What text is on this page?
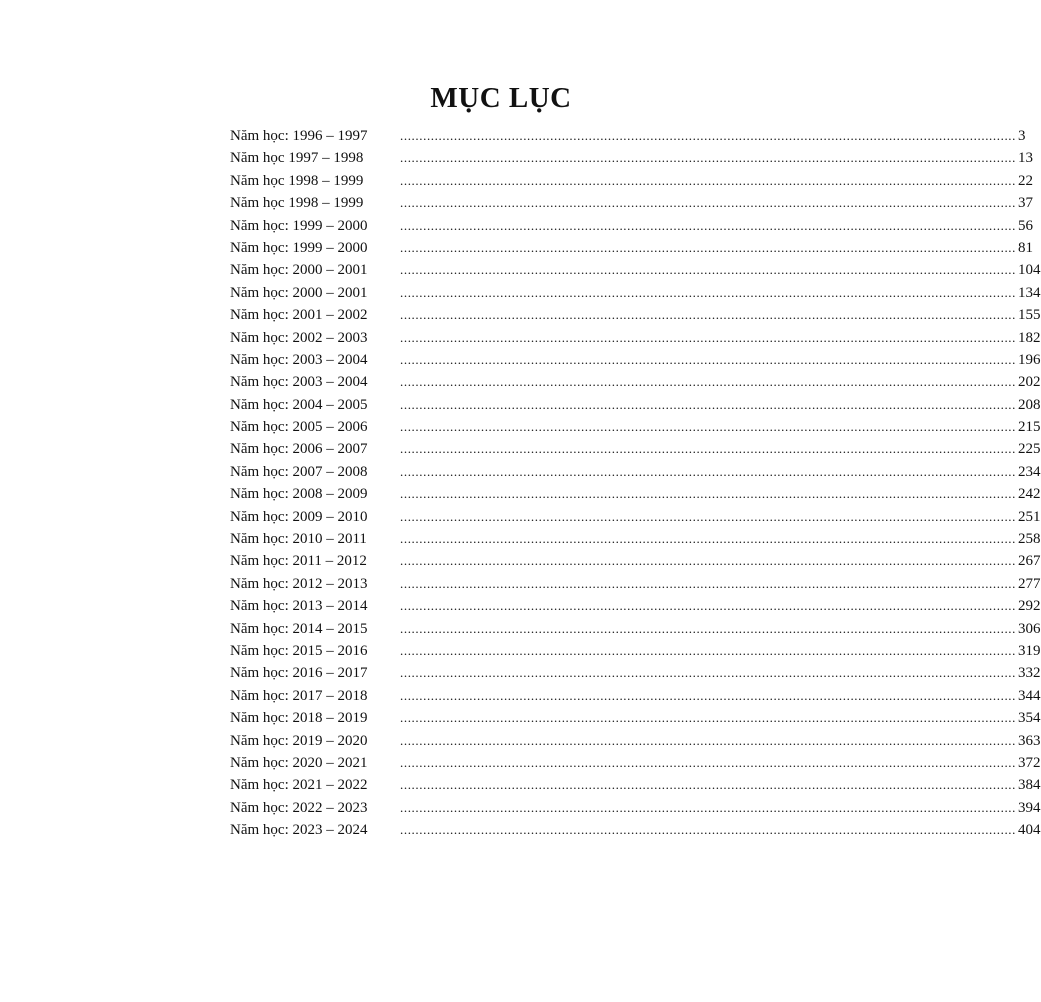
MỤC LỤC
Năm học: 1996 – 1997	................................................................................................................................................................ 3
Năm học 1997 – 1998	................................................................................................................................................................ 13
Năm học 1998 – 1999	................................................................................................................................................................ 22
Năm học 1998 – 1999	................................................................................................................................................................ 37
Năm học: 1999 – 2000	................................................................................................................................................................ 56
Năm học: 1999 – 2000	................................................................................................................................................................ 81
Năm học: 2000 – 2001	................................................................................................................................................................ 104
Năm học: 2000 – 2001	................................................................................................................................................................ 134
Năm học: 2001 – 2002	................................................................................................................................................................ 155
Năm học: 2002 – 2003	................................................................................................................................................................ 182
Năm học: 2003 – 2004	................................................................................................................................................................ 196
Năm học: 2003 – 2004	................................................................................................................................................................ 202
Năm học: 2004 – 2005	................................................................................................................................................................ 208
Năm học: 2005 – 2006	................................................................................................................................................................ 215
Năm học: 2006 – 2007	................................................................................................................................................................ 225
Năm học: 2007 – 2008	................................................................................................................................................................ 234
Năm học: 2008 – 2009	................................................................................................................................................................ 242
Năm học: 2009 – 2010	................................................................................................................................................................ 251
Năm học: 2010 – 2011	................................................................................................................................................................ 258
Năm học: 2011 – 2012	................................................................................................................................................................ 267
Năm học: 2012 – 2013	................................................................................................................................................................ 277
Năm học: 2013 – 2014	................................................................................................................................................................ 292
Năm học: 2014 – 2015	................................................................................................................................................................ 306
Năm học: 2015 – 2016	................................................................................................................................................................ 319
Năm học: 2016 – 2017	................................................................................................................................................................ 332
Năm học: 2017 – 2018	................................................................................................................................................................ 344
Năm học: 2018 – 2019	................................................................................................................................................................ 354
Năm học: 2019 – 2020	................................................................................................................................................................ 363
Năm học: 2020 – 2021	................................................................................................................................................................ 372
Năm học: 2021 – 2022	................................................................................................................................................................ 384
Năm học: 2022 – 2023	................................................................................................................................................................ 394
Năm học: 2023 – 2024	................................................................................................................................................................ 404
